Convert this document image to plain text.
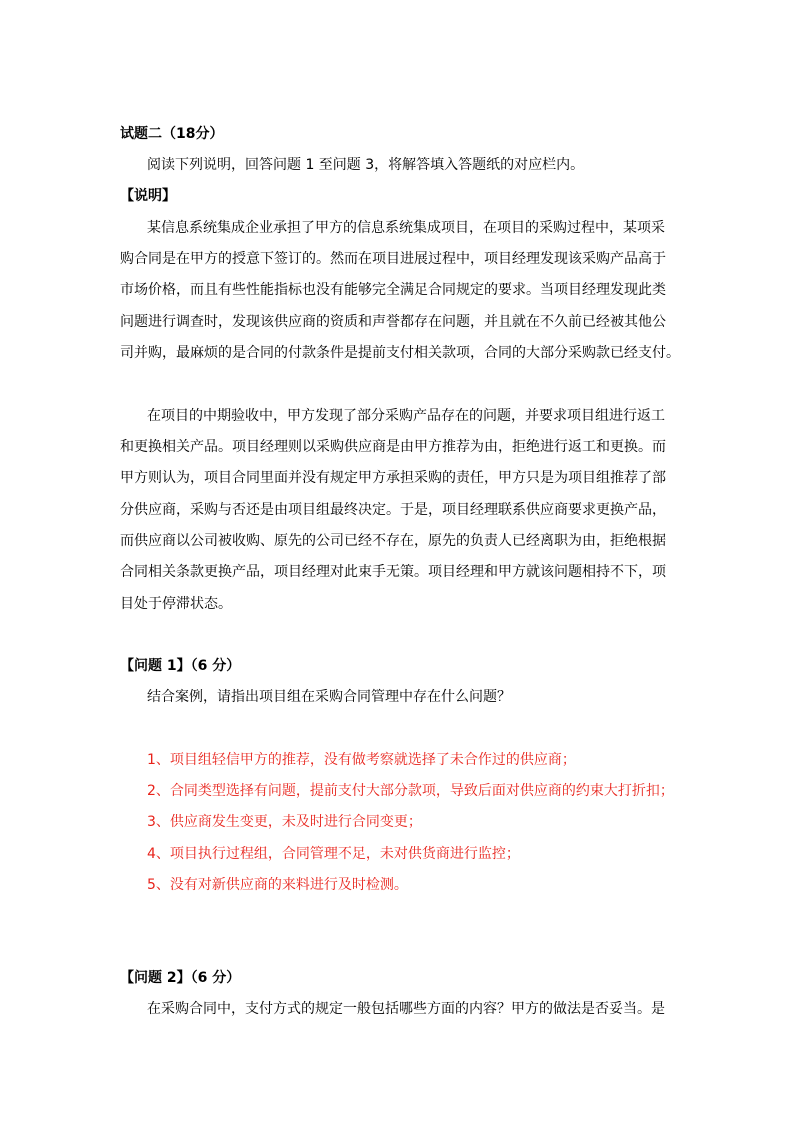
试题二（18分）
阅读下列说明，回答问题 1 至问题 3，将解答填入答题纸的对应栏内。
【说明】
某信息系统集成企业承担了甲方的信息系统集成项目，在项目的采购过程中，某项采
购合同是在甲方的授意下签订的。然而在项目进展过程中，项目经理发现该采购产品高于
市场价格，而且有些性能指标也没有能够完全满足合同规定的要求。当项目经理发现此类
问题进行调查时，发现该供应商的资质和声誉都存在问题，并且就在不久前已经被其他公
司并购，最麻烦的是合同的付款条件是提前支付相关款项，合同的大部分采购款已经支付。
在项目的中期验收中，甲方发现了部分采购产品存在的问题，并要求项目组进行返工
和更换相关产品。项目经理则以采购供应商是由甲方推荐为由，拒绝进行返工和更换。而
甲方则认为，项目合同里面并没有规定甲方承担采购的责任，甲方只是为项目组推荐了部
分供应商，采购与否还是由项目组最终决定。于是，项目经理联系供应商要求更换产品，
而供应商以公司被收购、原先的公司已经不存在，原先的负责人已经离职为由，拒绝根据
合同相关条款更换产品，项目经理对此束手无策。项目经理和甲方就该问题相持不下，项
目处于停滞状态。
【问题 1】（6 分）
结合案例，请指出项目组在采购合同管理中存在什么问题？
1、项目组轻信甲方的推荐，没有做考察就选择了未合作过的供应商；
2、合同类型选择有问题，提前支付大部分款项，导致后面对供应商的约束大打折扣；
3、供应商发生变更，未及时进行合同变更；
4、项目执行过程组，合同管理不足，未对供货商进行监控；
5、没有对新供应商的来料进行及时检测。
【问题 2】（6 分）
在采购合同中，支付方式的规定一般包括哪些方面的内容？甲方的做法是否妥当。是
